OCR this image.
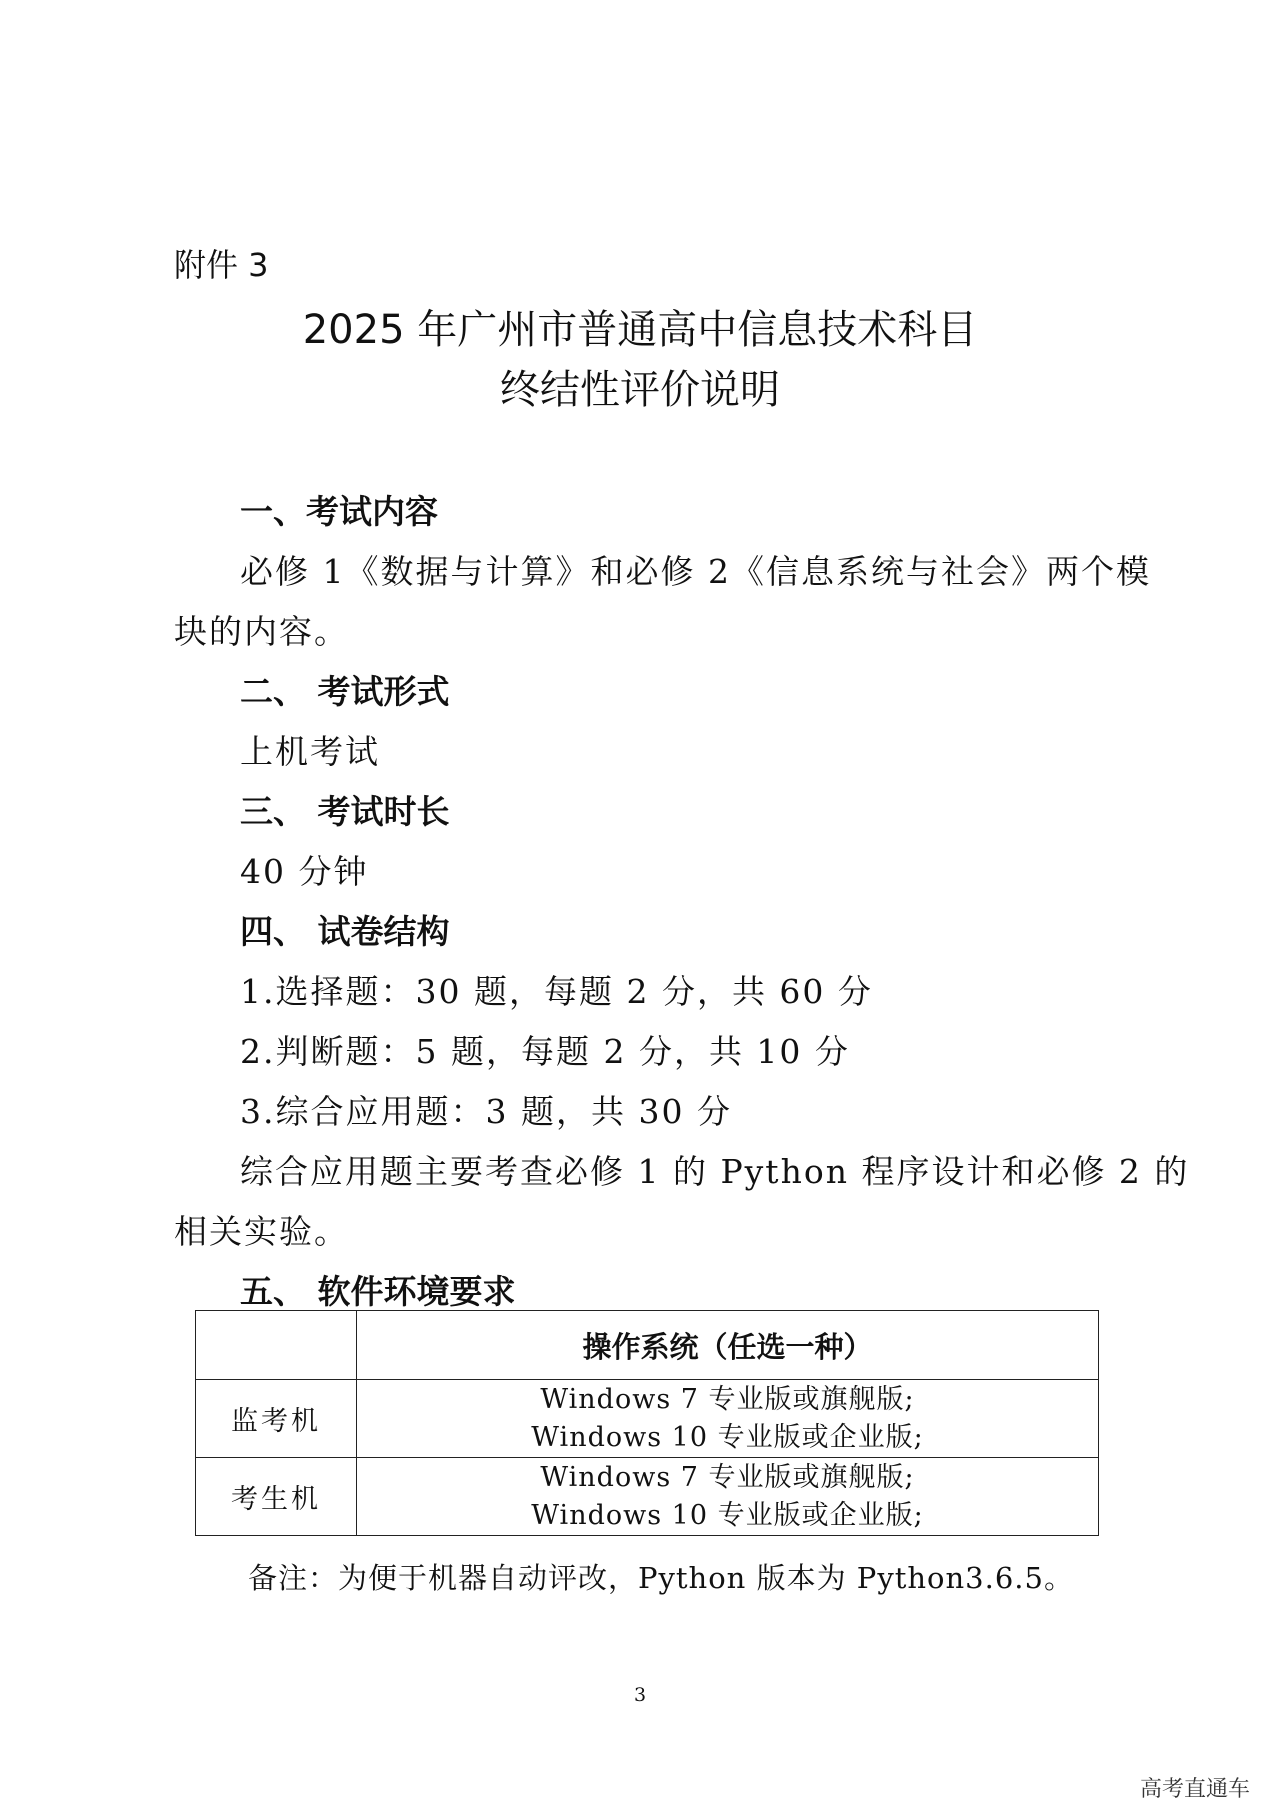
附件 3
2025 年广州市普通高中信息技术科目
终结性评价说明
一、考试内容
必修 1《数据与计算》和必修 2《信息系统与社会》两个模
块的内容。
二、 考试形式
上机考试
三、 考试时长
40 分钟
四、 试卷结构
1.选择题：30 题，每题 2 分，共 60 分
2.判断题：5 题，每题 2 分，共 10 分
3.综合应用题：3 题，共 30 分
综合应用题主要考查必修 1 的 Python 程序设计和必修 2 的
相关实验。
五、 软件环境要求
	操作系统（任选一种）
监考机	Windows 7 专业版或旗舰版;
Windows 10 专业版或企业版;

考生机	Windows 7 专业版或旗舰版;
Windows 10 专业版或企业版;
备注：为便于机器自动评改，Python 版本为 Python3.6.5。
3
高考直通车
